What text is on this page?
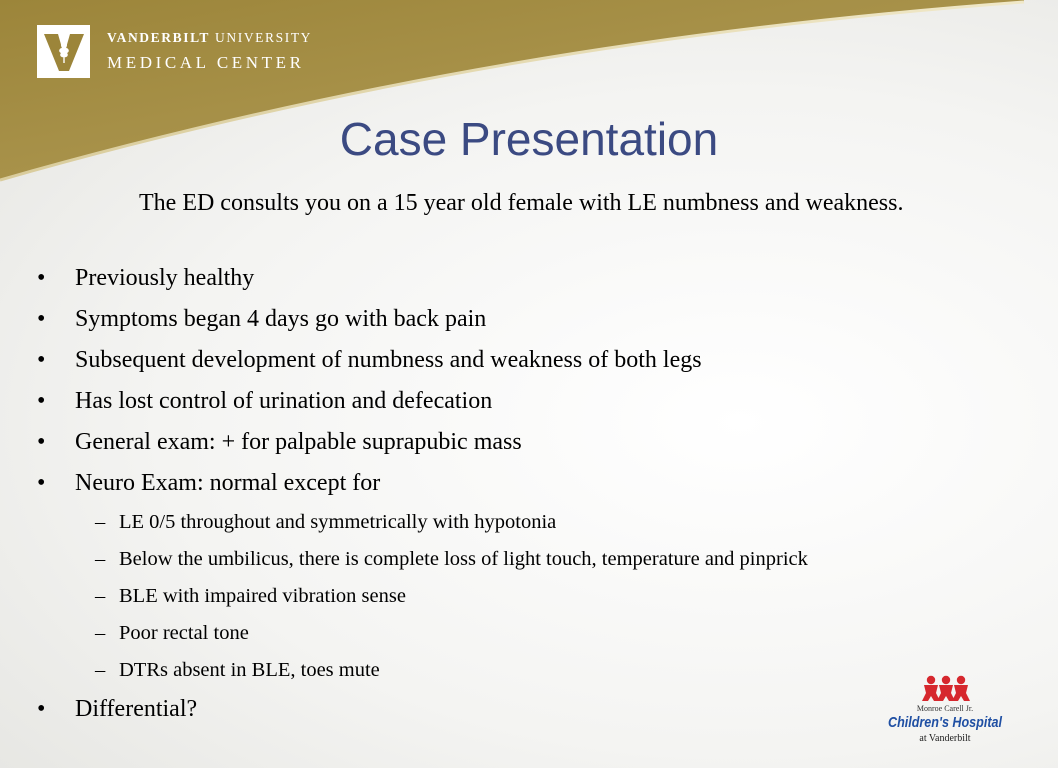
VANDERBILT UNIVERSITY
MEDICAL CENTER
Case Presentation

The ED consults you on a 15 year old female with LE numbness and weakness.

• Previously healthy
• Symptoms began 4 days go with back pain
• Subsequent development of numbness and weakness of both legs
• Has lost control of urination and defecation
• General exam: + for palpable suprapubic mass
• Neuro Exam: normal except for
– LE 0/5 throughout and symmetrically with hypotonia
– Below the umbilicus, there is complete loss of light touch, temperature and pinprick
– BLE with impaired vibration sense
– Poor rectal tone
– DTRs absent in BLE, toes mute
• Differential?	Monroe Carell Jr.
Children's Hospital
at Vanderbilt
